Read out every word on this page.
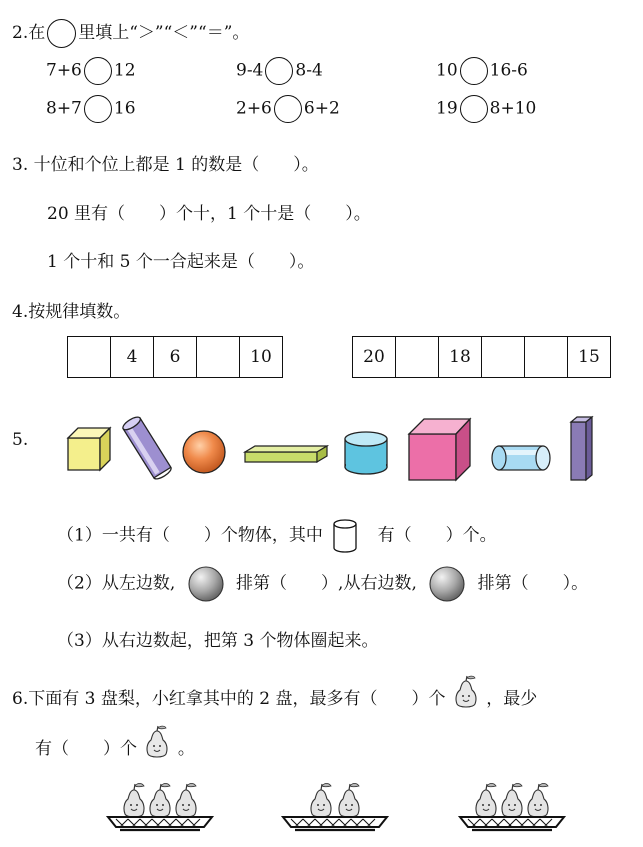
2.在 里填上“＞”“＜”“＝”。
7+6 12	9-4 8-4	10 16-6
8+7 16	2+6 6+2	19 8+10
3. 十位和个位上都是 1 的数是（　　）。
20 里有（　　）个十，1 个十是（　　）。
1 个十和 5 个一合起来是（　　）。
4.按规律填数。
	4	6		10	20		18			15
5.
（1）一共有（　　）个物体，其中	有（　　）个。
（2）从左边数,	排第（　　）,从右边数,	排第（　　）。
（3）从右边数起，把第 3 个物体圈起来。
6.下面有 3 盘梨，小红拿其中的 2 盘，最多有（　　）个 ，最少
有（　　）个 。
